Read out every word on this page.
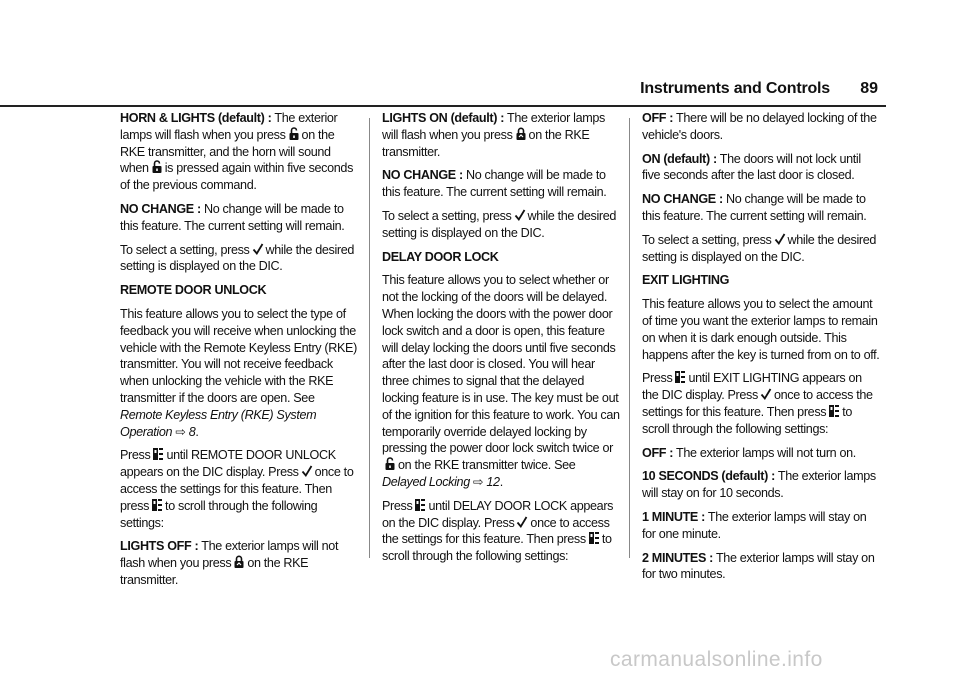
Instruments and Controls	89

HORN & LIGHTS (default) : The exterior lamps will flash when you press on the RKE transmitter, and the horn will sound when is pressed again within five seconds of the previous command.

NO CHANGE : No change will be made to this feature. The current setting will remain.

To select a setting, press while the desired setting is displayed on the DIC.

REMOTE DOOR UNLOCK

This feature allows you to select the type of feedback you will receive when unlocking the vehicle with the Remote Keyless Entry (RKE) transmitter. You will not receive feedback when unlocking the vehicle with the RKE transmitter if the doors are open. See Remote Keyless Entry (RKE) System Operation ⇨ 8.

Press until REMOTE DOOR UNLOCK appears on the DIC display. Press once to access the settings for this feature. Then press to scroll through the following settings:

LIGHTS OFF : The exterior lamps will not flash when you press on the RKE transmitter.

LIGHTS ON (default) : The exterior lamps will flash when you press on the RKE transmitter.

NO CHANGE : No change will be made to this feature. The current setting will remain.

To select a setting, press while the desired setting is displayed on the DIC.

DELAY DOOR LOCK

This feature allows you to select whether or not the locking of the doors will be delayed. When locking the doors with the power door lock switch and a door is open, this feature will delay locking the doors until five seconds after the last door is closed. You will hear three chimes to signal that the delayed locking feature is in use. The key must be out of the ignition for this feature to work. You can temporarily override delayed locking by pressing the power door lock switch twice or
on the RKE transmitter twice. See Delayed Locking ⇨ 12.

Press until DELAY DOOR LOCK appears on the DIC display. Press once to access the settings for this feature. Then press to scroll through the following settings:

OFF : There will be no delayed locking of the vehicle's doors.

ON (default) : The doors will not lock until five seconds after the last door is closed.

NO CHANGE : No change will be made to this feature. The current setting will remain.

To select a setting, press while the desired setting is displayed on the DIC.

EXIT LIGHTING

This feature allows you to select the amount of time you want the exterior lamps to remain on when it is dark enough outside. This happens after the key is turned from on to off.

Press until EXIT LIGHTING appears on the DIC display. Press once to access the settings for this feature. Then press to scroll through the following settings:

OFF : The exterior lamps will not turn on.

10 SECONDS (default) : The exterior lamps will stay on for 10 seconds.

1 MINUTE : The exterior lamps will stay on for one minute.

2 MINUTES : The exterior lamps will stay on for two minutes.

carmanualsonline.info
